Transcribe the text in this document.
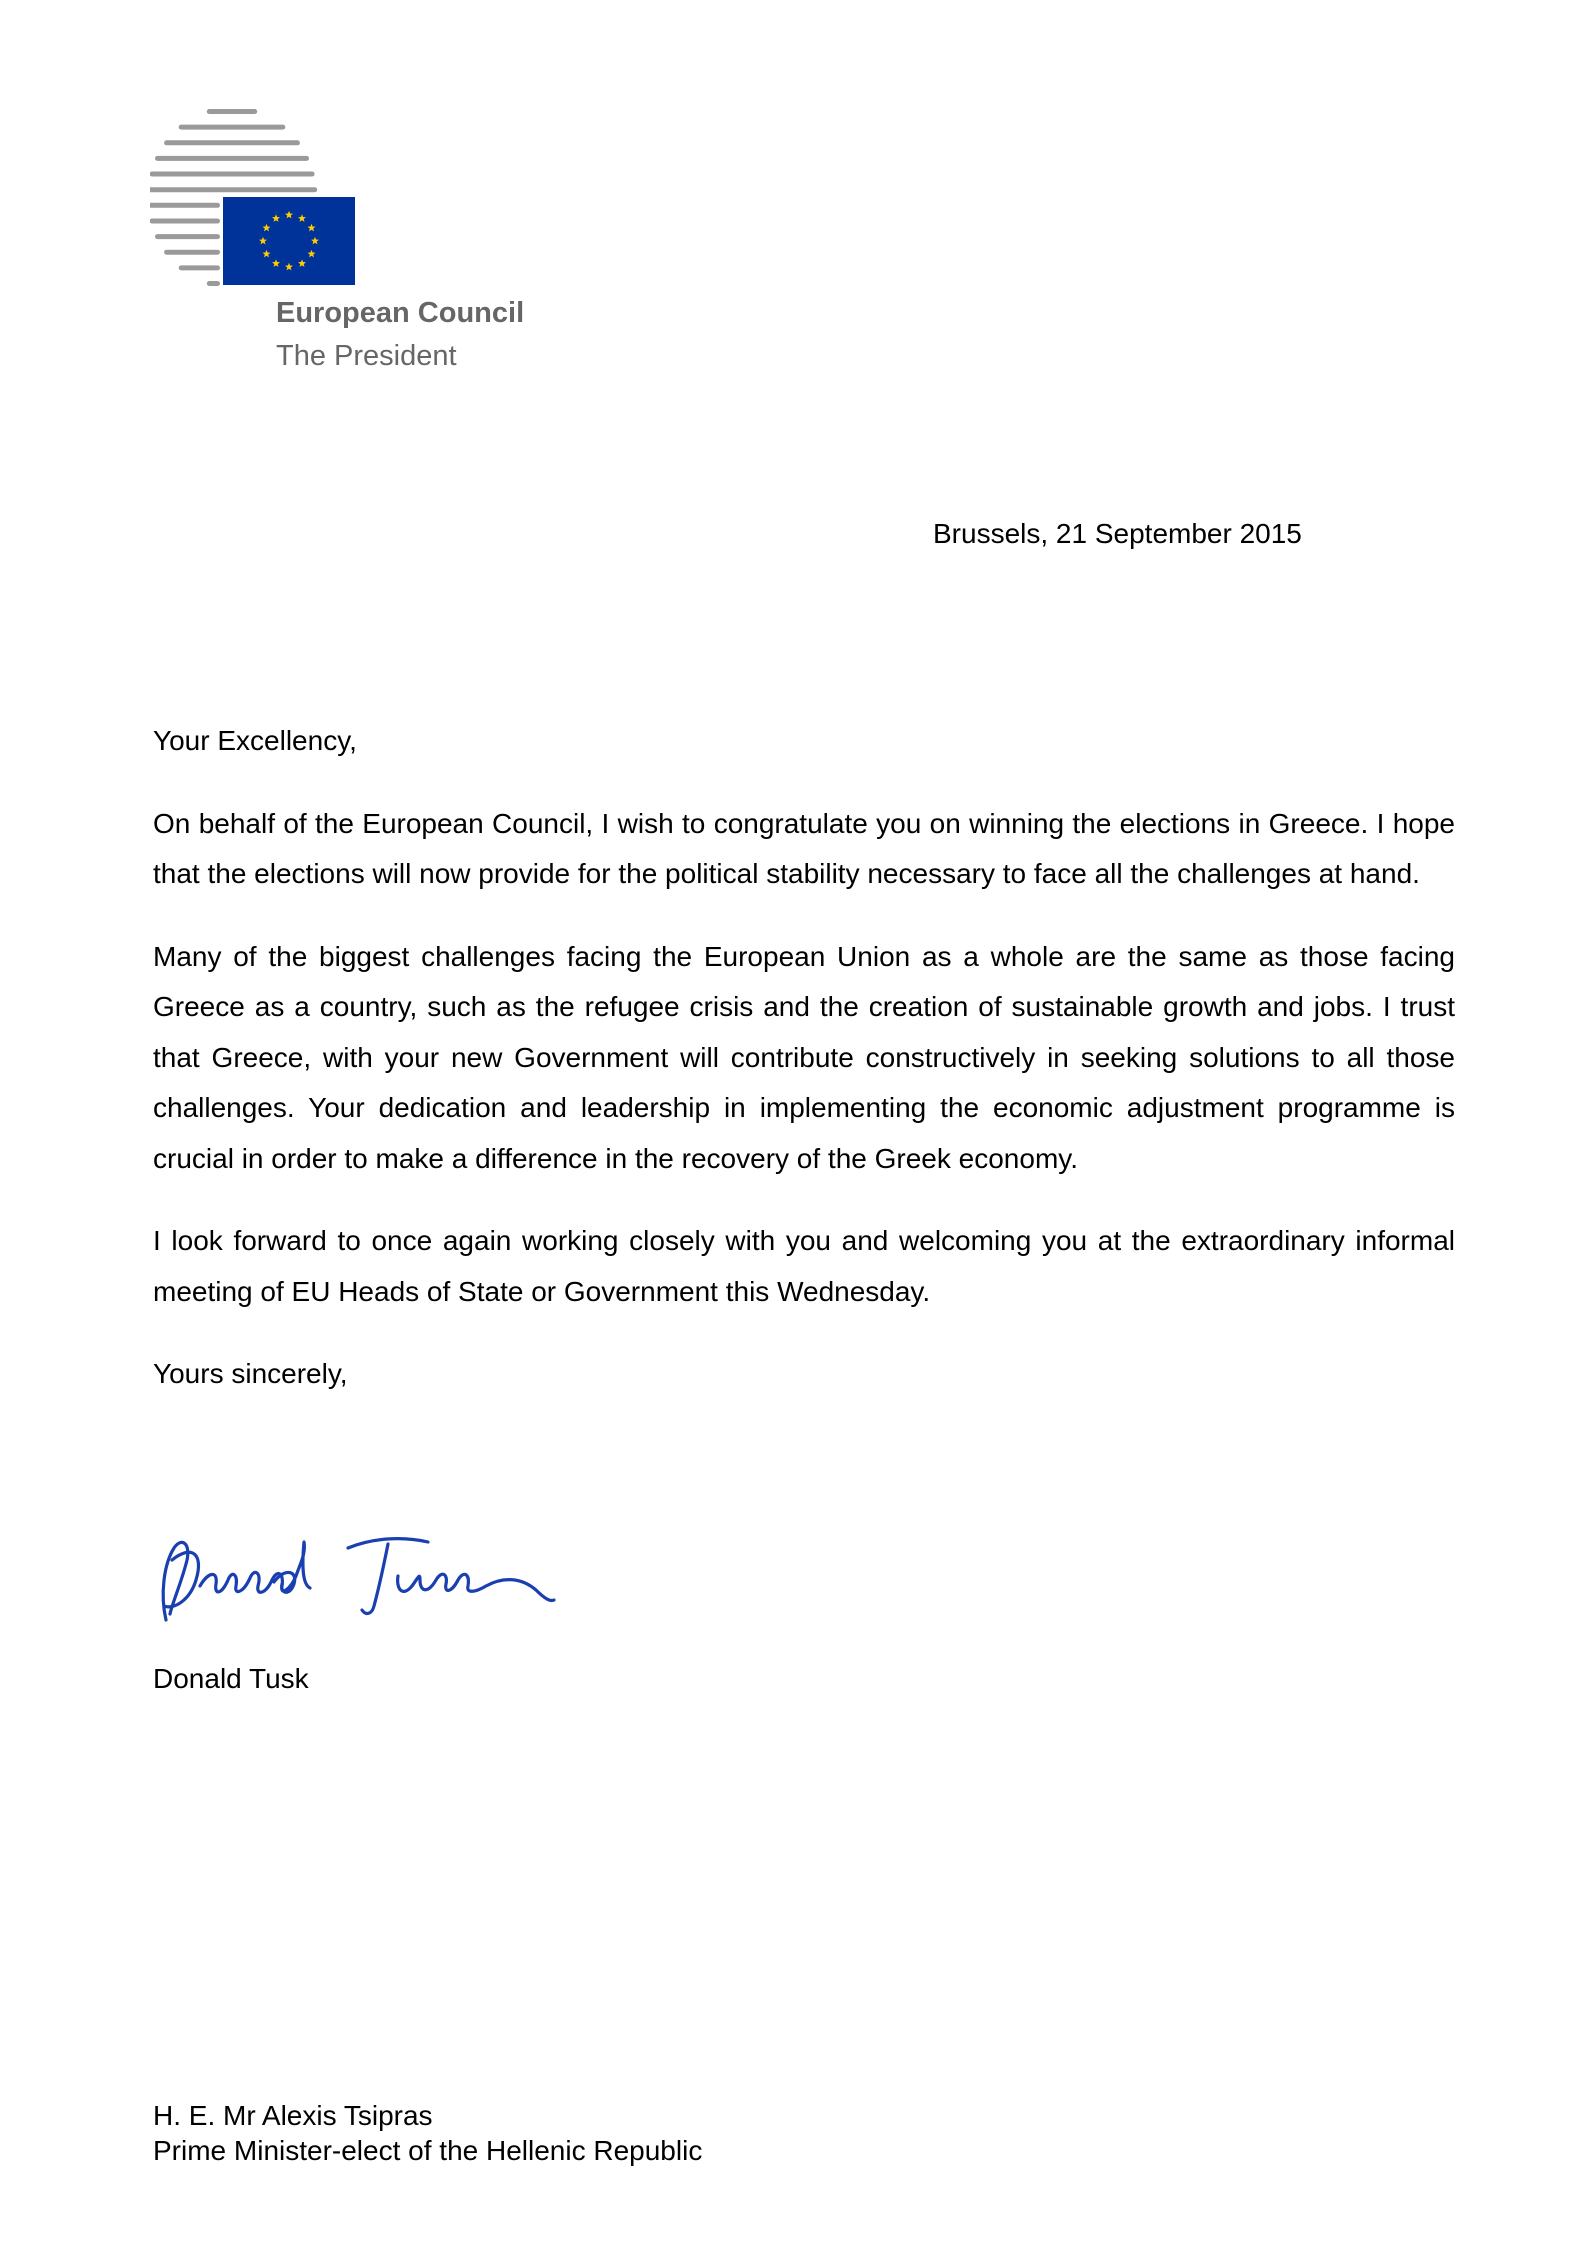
European Council
The President
Brussels, 21 September 2015

Your Excellency,

On behalf of the European Council, I wish to congratulate you on winning the elections in Greece. I hope that the elections will now provide for the political stability necessary to face all the challenges at hand.

Many of the biggest challenges facing the European Union as a whole are the same as those facing Greece as a country, such as the refugee crisis and the creation of sustainable growth and jobs. I trust that Greece, with your new Government will contribute constructively in seeking solutions to all those challenges. Your dedication and leadership in implementing the economic adjustment programme is crucial in order to make a difference in the recovery of the Greek economy.

I look forward to once again working closely with you and welcoming you at the extraordinary informal meeting of EU Heads of State or Government this Wednesday.

Yours sincerely,

Donald Tusk
H. E. Mr Alexis Tsipras
Prime Minister-elect of the Hellenic Republic
